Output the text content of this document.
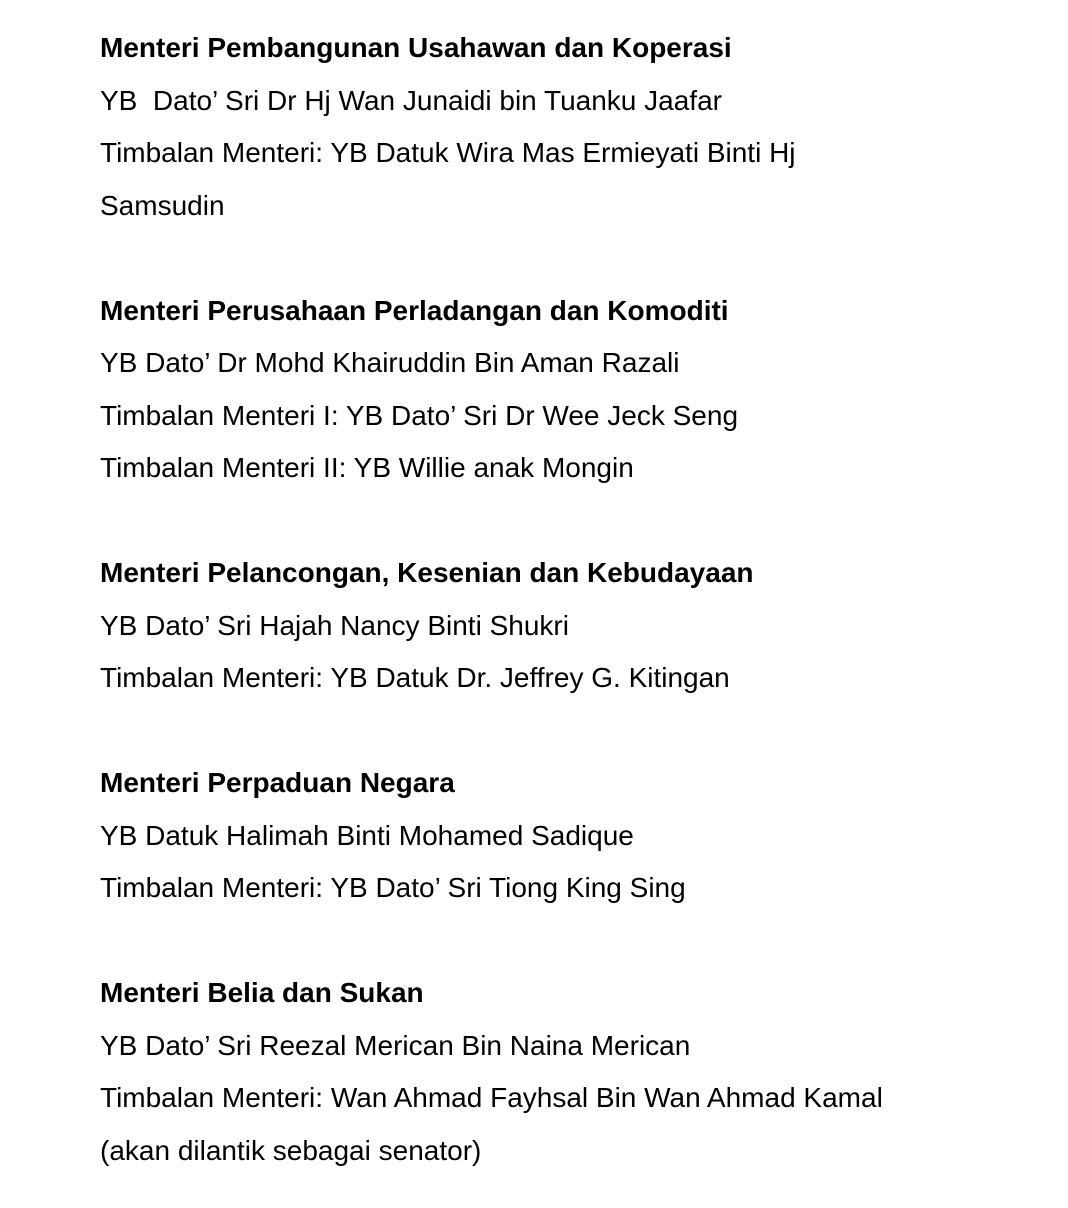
Menteri Pembangunan Usahawan dan Koperasi
YB  Dato’ Sri Dr Hj Wan Junaidi bin Tuanku Jaafar
Timbalan Menteri: YB Datuk Wira Mas Ermieyati Binti Hj
Samsudin
Menteri Perusahaan Perladangan dan Komoditi
YB Dato’ Dr Mohd Khairuddin Bin Aman Razali
Timbalan Menteri I: YB Dato’ Sri Dr Wee Jeck Seng
Timbalan Menteri II: YB Willie anak Mongin
Menteri Pelancongan, Kesenian dan Kebudayaan
YB Dato’ Sri Hajah Nancy Binti Shukri
Timbalan Menteri: YB Datuk Dr. Jeffrey G. Kitingan
Menteri Perpaduan Negara
YB Datuk Halimah Binti Mohamed Sadique
Timbalan Menteri: YB Dato’ Sri Tiong King Sing
Menteri Belia dan Sukan
YB Dato’ Sri Reezal Merican Bin Naina Merican
Timbalan Menteri: Wan Ahmad Fayhsal Bin Wan Ahmad Kamal
(akan dilantik sebagai senator)
